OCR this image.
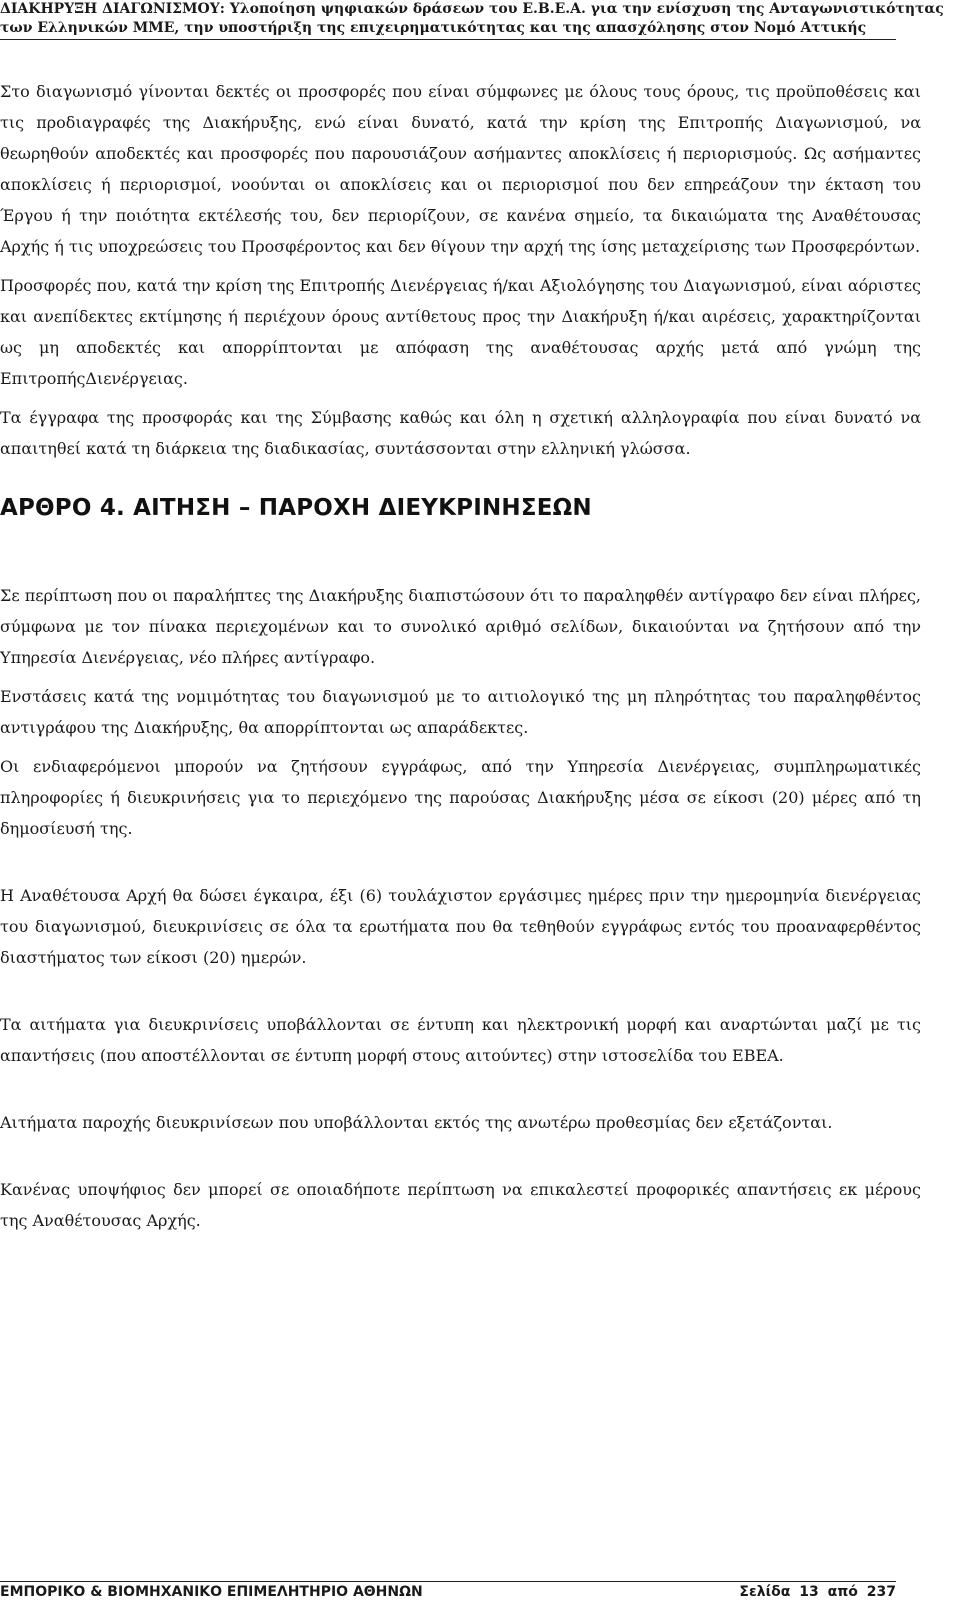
ΔΙΑΚΗΡΥΞΗ ΔΙΑΓΩΝΙΣΜΟΥ: Υλοποίηση ψηφιακών δράσεων του Ε.Β.Ε.Α. για την ενίσχυση της Ανταγωνιστικότητας
των Ελληνικών ΜΜΕ, την υποστήριξη της επιχειρηματικότητας και της απασχόλησης στον Νομό Αττικής

Στο διαγωνισμό γίνονται δεκτές οι προσφορές που είναι σύμφωνες με όλους τους όρους, τις προϋποθέσεις και τις προδιαγραφές της Διακήρυξης, ενώ είναι δυνατό, κατά την κρίση της Επιτροπής Διαγωνισμού, να θεωρηθούν αποδεκτές και προσφορές που παρουσιάζουν ασήμαντες αποκλίσεις ή περιορισμούς. Ως ασήμαντες αποκλίσεις ή περιορισμοί, νοούνται οι αποκλίσεις και οι περιορισμοί που δεν επηρεάζουν την έκταση του Έργου ή την ποιότητα εκτέλεσής του, δεν περιορίζουν, σε κανένα σημείο, τα δικαιώματα της Αναθέτουσας Αρχής ή τις υποχρεώσεις του Προσφέροντος και δεν θίγουν την αρχή της ίσης μεταχείρισης των Προσφερόντων.

Προσφορές που, κατά την κρίση της Επιτροπής Διενέργειας ή/και Αξιολόγησης του Διαγωνισμού, είναι αόριστες και ανεπίδεκτες εκτίμησης ή περιέχουν όρους αντίθετους προς την Διακήρυξη ή/και αιρέσεις, χαρακτηρίζονται ως μη αποδεκτές και απορρίπτονται με απόφαση της αναθέτουσας αρχής μετά από γνώμη της ΕπιτροπήςΔιενέργειας.

Τα έγγραφα της προσφοράς και της Σύμβασης καθώς και όλη η σχετική αλληλογραφία που είναι δυνατό να απαιτηθεί κατά τη διάρκεια της διαδικασίας, συντάσσονται στην ελληνική γλώσσα.

ΑΡΘΡΟ 4. ΑΙΤΗΣΗ – ΠΑΡΟΧΗ ΔΙΕΥΚΡΙΝΗΣΕΩΝ

Σε περίπτωση που οι παραλήπτες της Διακήρυξης διαπιστώσουν ότι το παραληφθέν αντίγραφο δεν είναι πλήρες, σύμφωνα με τον πίνακα περιεχομένων και το συνολικό αριθμό σελίδων, δικαιούνται να ζητήσουν από την Υπηρεσία Διενέργειας, νέο πλήρες αντίγραφο.

Ενστάσεις κατά της νομιμότητας του διαγωνισμού με το αιτιολογικό της μη πληρότητας του παραληφθέντος αντιγράφου της Διακήρυξης, θα απορρίπτονται ως απαράδεκτες.

Οι ενδιαφερόμενοι μπορούν να ζητήσουν εγγράφως, από την Υπηρεσία Διενέργειας, συμπληρωματικές πληροφορίες ή διευκρινήσεις για το περιεχόμενο της παρούσας Διακήρυξης μέσα σε είκοσι (20) μέρες από τη δημοσίευσή της.

Η Αναθέτουσα Αρχή θα δώσει έγκαιρα, έξι (6) τουλάχιστον εργάσιμες ημέρες πριν την ημερομηνία διενέργειας του διαγωνισμού, διευκρινίσεις σε όλα τα ερωτήματα που θα τεθηθούν εγγράφως εντός του προαναφερθέντος διαστήματος των είκοσι (20) ημερών.

Τα αιτήματα για διευκρινίσεις υποβάλλονται σε έντυπη και ηλεκτρονική μορφή και αναρτώνται μαζί με τις απαντήσεις (που αποστέλλονται σε έντυπη μορφή στους αιτούντες) στην ιστοσελίδα του ΕΒΕΑ.

Αιτήματα παροχής διευκρινίσεων που υποβάλλονται εκτός της ανωτέρω προθεσμίας δεν εξετάζονται.

Κανένας υποψήφιος δεν μπορεί σε οποιαδήποτε περίπτωση να επικαλεστεί προφορικές απαντήσεις εκ μέρους της Αναθέτουσας Αρχής.

ΕΜΠΟΡΙΚΟ & ΒΙΟΜΗΧΑΝΙΚΟ ΕΠΙΜΕΛΗΤΗΡΙΟ ΑΘΗΝΩΝ	Σελίδα 13 από 237
